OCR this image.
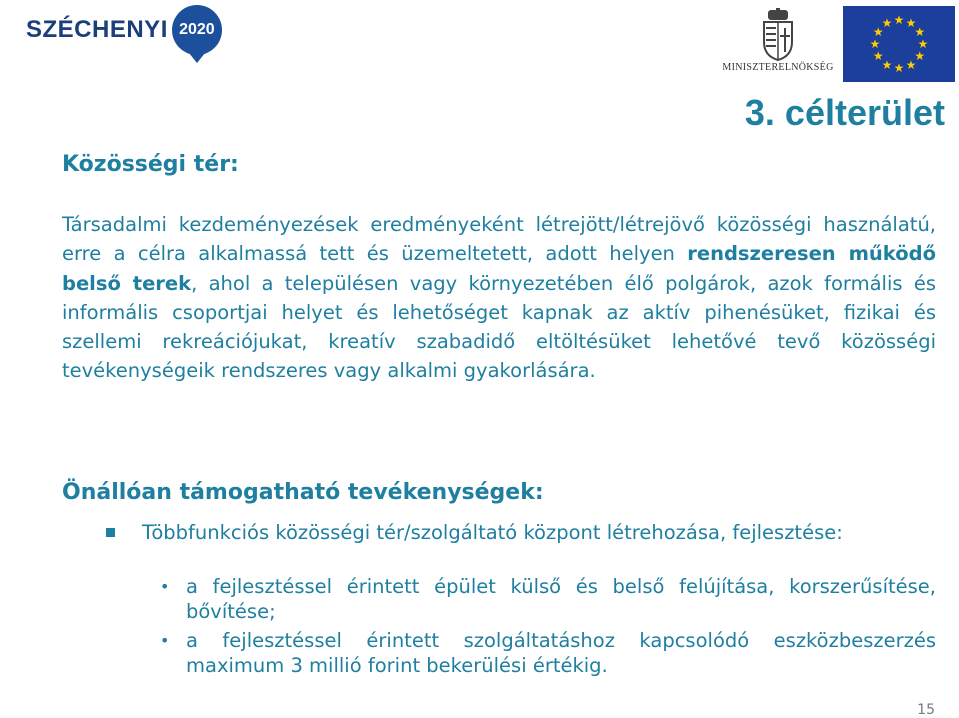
SZÉCHENYI 2020
MINISZTERELNÖKSÉG
★ ★
★
★
★
★
★
★
★
★
★
★
3. célterület
Közösségi tér:
Társadalmi kezdeményezések eredményeként létrejött/létrejövő közösségi használatú, erre a célra alkalmassá tett és üzemeltetett, adott helyen rendszeresen működő belső terek, ahol a településen vagy környezetében élő polgárok, azok formális és informális csoportjai helyet és lehetőséget kapnak az aktív pihenésüket, fizikai és szellemi rekreációjukat, kreatív szabadidő eltöltésüket lehetővé tevő közösségi tevékenységeik rendszeres vagy alkalmi gyakorlására.
Önállóan támogatható tevékenységek:
Többfunkciós közösségi tér/szolgáltató központ létrehozása, fejlesztése:
• a fejlesztéssel érintett épület külső és belső felújítása, korszerűsítése, bővítése;
• a fejlesztéssel érintett szolgáltatáshoz kapcsolódó eszközbeszerzés maximum 3 millió forint bekerülési értékig.
15
